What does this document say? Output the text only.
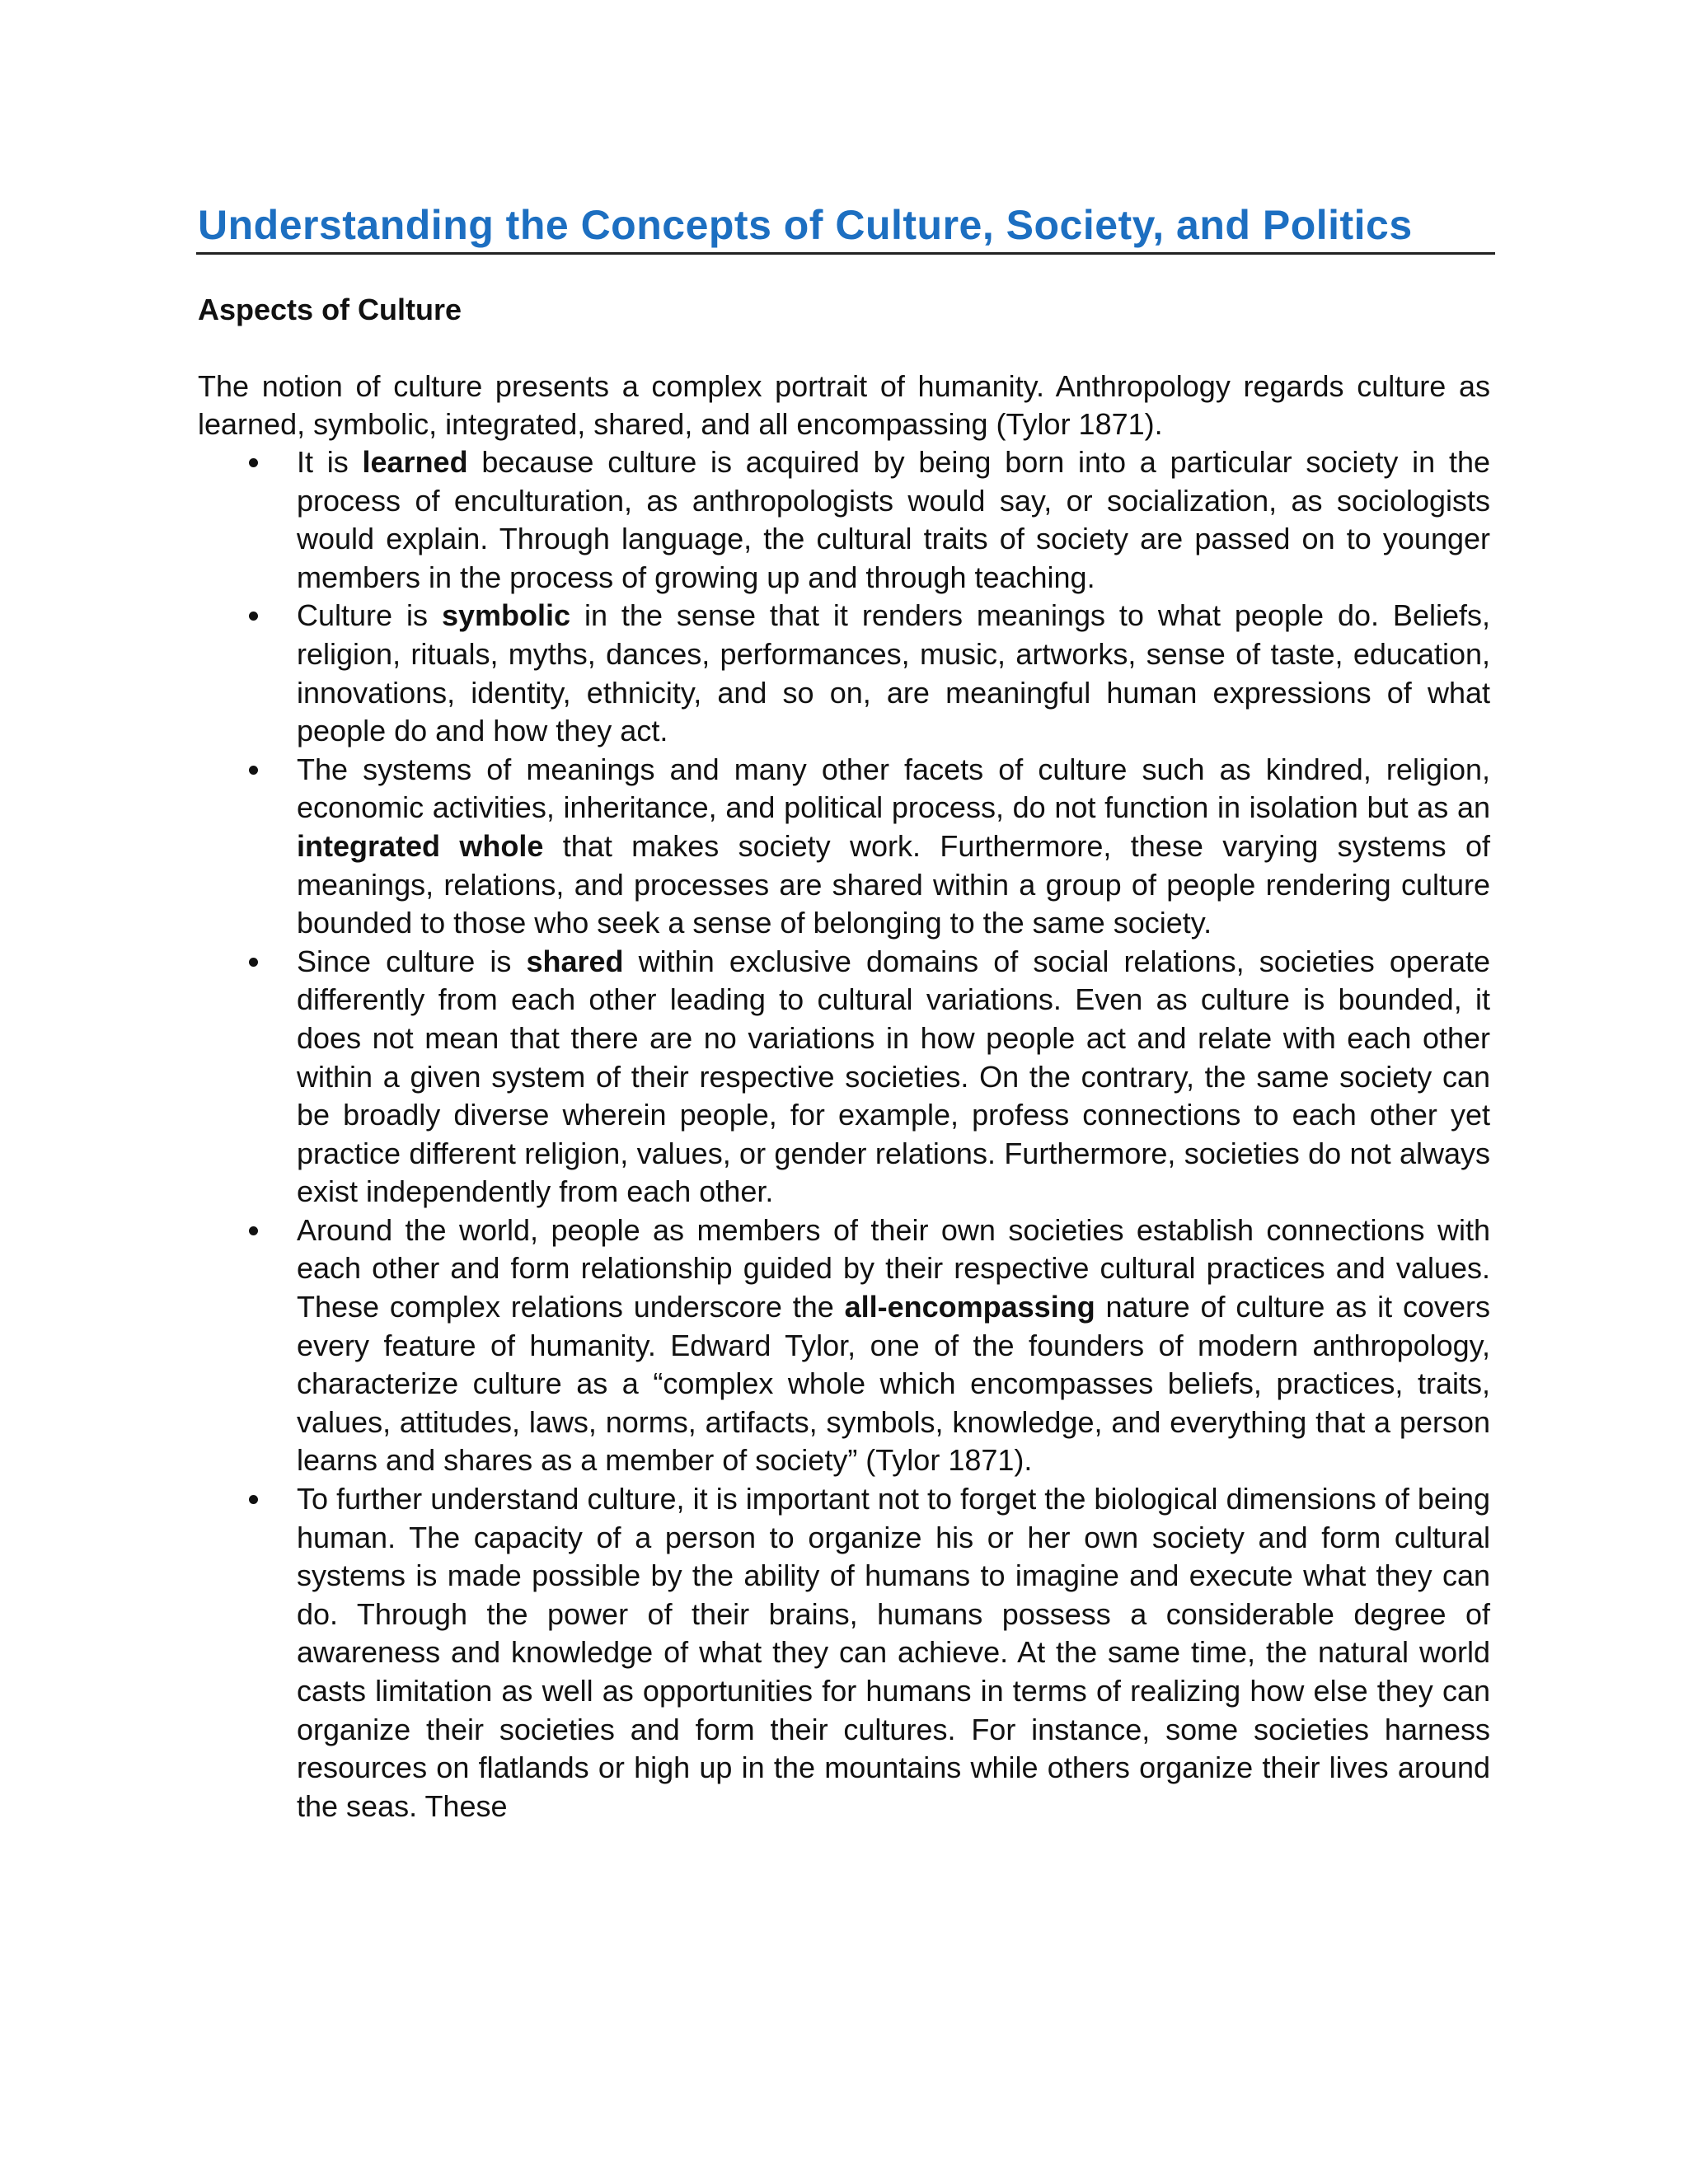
Understanding the Concepts of Culture, Society, and Politics
Aspects of Culture

The notion of culture presents a complex portrait of humanity. Anthropology regards culture as learned, symbolic, integrated, shared, and all encompassing (Tylor 1871).

It is learned because culture is acquired by being born into a particular society in the process of enculturation, as anthropologists would say, or socialization, as sociologists would explain. Through language, the cultural traits of society are passed on to younger members in the process of growing up and through teaching.
Culture is symbolic in the sense that it renders meanings to what people do. Beliefs, religion, rituals, myths, dances, performances, music, artworks, sense of taste, education, innovations, identity, ethnicity, and so on, are meaningful human expressions of what people do and how they act.
The systems of meanings and many other facets of culture such as kindred, religion, economic activities, inheritance, and political process, do not function in isolation but as an integrated whole that makes society work. Furthermore, these varying systems of meanings, relations, and processes are shared within a group of people rendering culture bounded to those who seek a sense of belonging to the same society.
Since culture is shared within exclusive domains of social relations, societies operate differently from each other leading to cultural variations. Even as culture is bounded, it does not mean that there are no variations in how people act and relate with each other within a given system of their respective societies. On the contrary, the same society can be broadly diverse wherein people, for example, profess connections to each other yet practice different religion, values, or gender relations. Furthermore, societies do not always exist independently from each other.
Around the world, people as members of their own societies establish connections with each other and form relationship guided by their respective cultural practices and values. These complex relations underscore the all-encompassing nature of culture as it covers every feature of humanity. Edward Tylor, one of the founders of modern anthropology, characterize culture as a “complex whole which encompasses beliefs, practices, traits, values, attitudes, laws, norms, artifacts, symbols, knowledge, and everything that a person learns and shares as a member of society” (Tylor 1871).
To further understand culture, it is important not to forget the biological dimensions of being human. The capacity of a person to organize his or her own society and form cultural systems is made possible by the ability of humans to imagine and execute what they can do. Through the power of their brains, humans possess a considerable degree of awareness and knowledge of what they can achieve. At the same time, the natural world casts limitation as well as opportunities for humans in terms of realizing how else they can organize their societies and form their cultures. For instance, some societies harness resources on flatlands or high up in the mountains while others organize their lives around the seas. These
